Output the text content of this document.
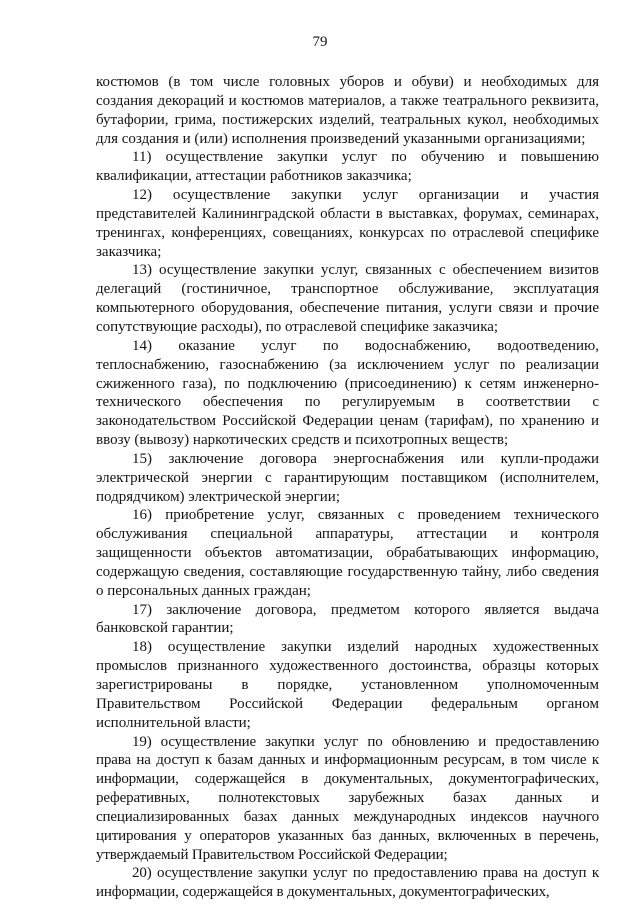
79

костюмов (в том числе головных уборов и обуви) и необходимых для создания декораций и костюмов материалов, а также театрального реквизита, бутафории, грима, постижерских изделий, театральных кукол, необходимых для создания и (или) исполнения произведений указанными организациями;

11) осуществление закупки услуг по обучению и повышению квалификации, аттестации работников заказчика;

12) осуществление закупки услуг организации и участия представителей Калининградской области в выставках, форумах, семинарах, тренингах, конференциях, совещаниях, конкурсах по отраслевой специфике заказчика;

13) осуществление закупки услуг, связанных с обеспечением визитов делегаций (гостиничное, транспортное обслуживание, эксплуатация компьютерного оборудования, обеспечение питания, услуги связи и прочие сопутствующие расходы), по отраслевой специфике заказчика;

14) оказание услуг по водоснабжению, водоотведению, теплоснабжению, газоснабжению (за исключением услуг по реализации сжиженного газа), по подключению (присоединению) к сетям инженерно-технического обеспечения по регулируемым в соответствии с законодательством Российской Федерации ценам (тарифам), по хранению и ввозу (вывозу) наркотических средств и психотропных веществ;

15) заключение договора энергоснабжения или купли-продажи электрической энергии с гарантирующим поставщиком (исполнителем, подрядчиком) электрической энергии;

16) приобретение услуг, связанных с проведением технического обслуживания специальной аппаратуры, аттестации и контроля защищенности объектов автоматизации, обрабатывающих информацию, содержащую сведения, составляющие государственную тайну, либо сведения о персональных данных граждан;

17) заключение договора, предметом которого является выдача банковской гарантии;

18) осуществление закупки изделий народных художественных промыслов признанного художественного достоинства, образцы которых зарегистрированы в порядке, установленном уполномоченным Правительством Российской Федерации федеральным органом исполнительной власти;

19) осуществление закупки услуг по обновлению и предоставлению права на доступ к базам данных и информационным ресурсам, в том числе к информации, содержащейся в документальных, документографических, реферативных, полнотекстовых зарубежных базах данных и специализированных базах данных международных индексов научного цитирования у операторов указанных баз данных, включенных в перечень, утверждаемый Правительством Российской Федерации;

20) осуществление закупки услуг по предоставлению права на доступ к информации, содержащейся в документальных, документографических,
